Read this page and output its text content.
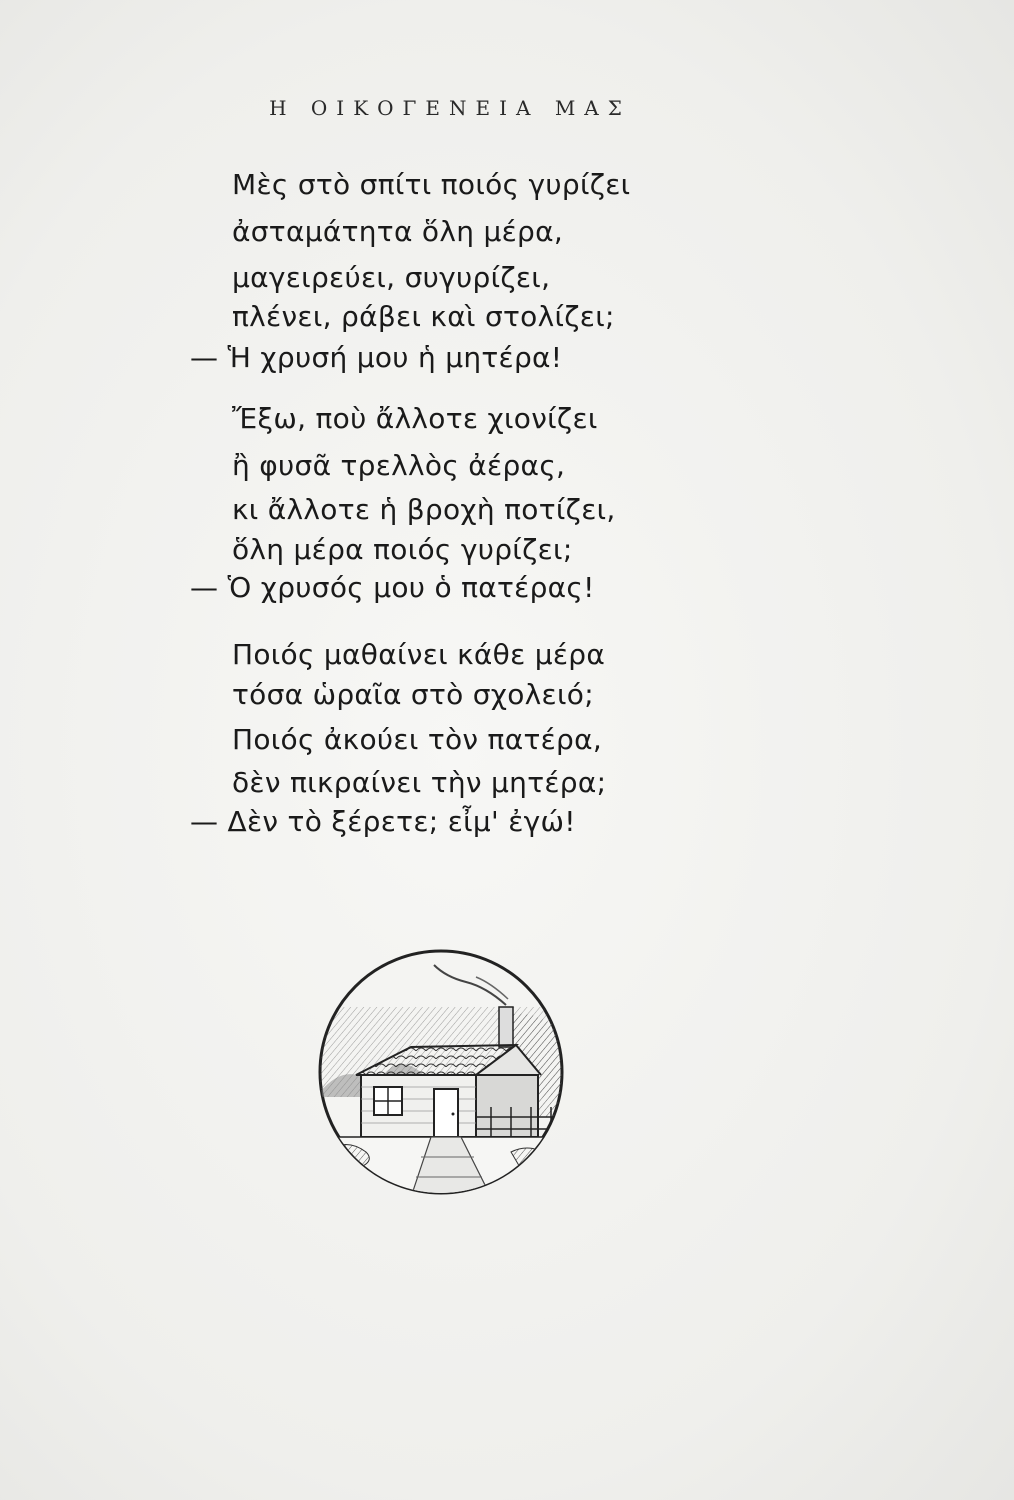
Η ΟΙΚΟΓΕΝΕΙΑ ΜΑΣ
Μὲς στὸ σπίτι ποιός γυρίζει
ἀσταμάτητα ὅλη μέρα,
μαγειρεύει, συγυρίζει,
πλένει, ράβει καὶ στολίζει;
— Ἡ χρυσή μου ἡ μητέρα!
Ἔξω, ποὺ ἄλλοτε χιονίζει
ἢ φυσᾶ τρελλὸς ἀέρας,
κι ἄλλοτε ἡ βροχὴ ποτίζει,
ὅλη μέρα ποιός γυρίζει;
— Ὁ χρυσός μου ὁ πατέρας!
Ποιός μαθαίνει κάθε μέρα
τόσα ὡραῖα στὸ σχολειό;
Ποιός ἀκούει τὸν πατέρα,
δὲν πικραίνει τὴν μητέρα;
— Δὲν τὸ ξέρετε; εἶμ' ἐγώ!
